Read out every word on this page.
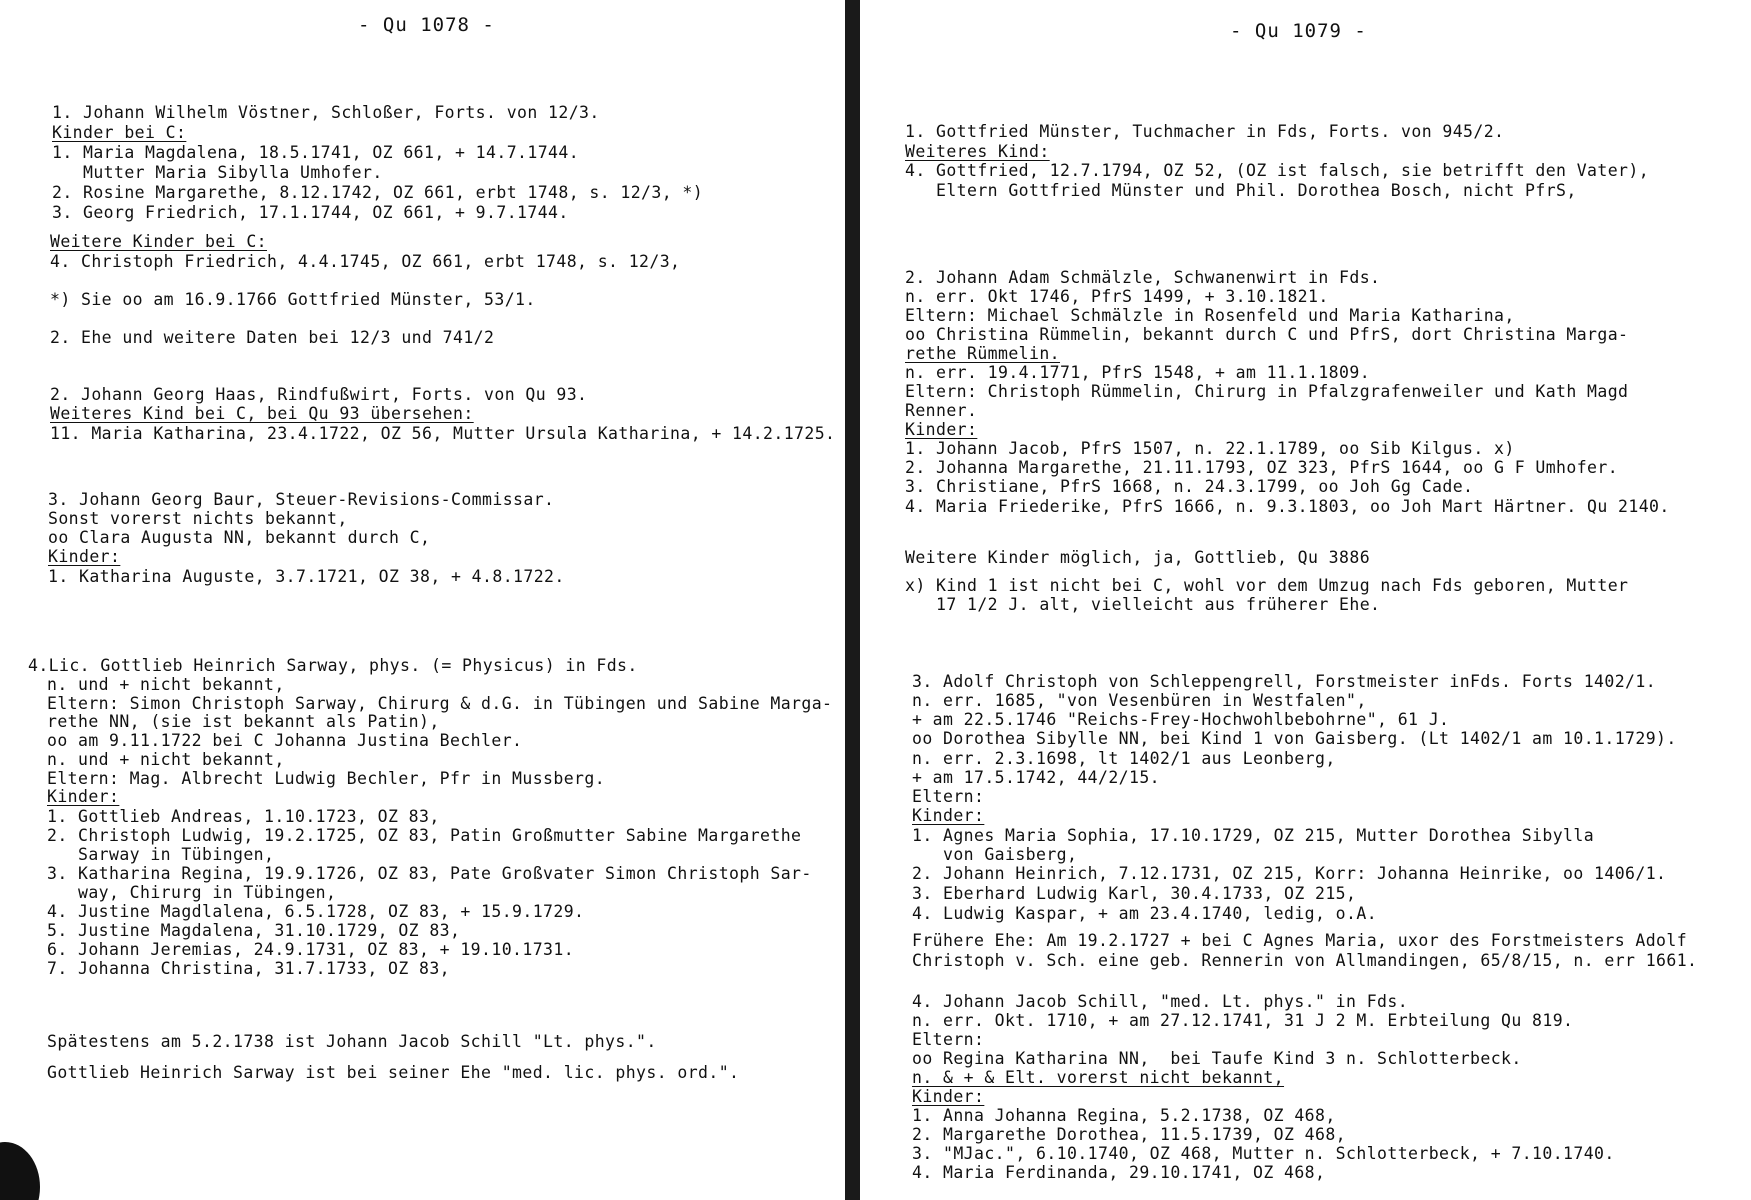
- Qu 1078 -
1. Johann Wilhelm Vöstner, Schloßer, Forts. von 12/3.
Kinder bei C:
1. Maria Magdalena, 18.5.1741, OZ 661, + 14.7.1744.
Mutter Maria Sibylla Umhofer.
2. Rosine Margarethe, 8.12.1742, OZ 661, erbt 1748, s. 12/3, *)
3. Georg Friedrich, 17.1.1744, OZ 661, + 9.7.1744.
Weitere Kinder bei C:
4. Christoph Friedrich, 4.4.1745, OZ 661, erbt 1748, s. 12/3,
*) Sie oo am 16.9.1766 Gottfried Münster, 53/1.
2. Ehe und weitere Daten bei 12/3 und 741/2
2. Johann Georg Haas, Rindfußwirt, Forts. von Qu 93.
Weiteres Kind bei C, bei Qu 93 übersehen:
11. Maria Katharina, 23.4.1722, OZ 56, Mutter Ursula Katharina, + 14.2.1725.
3. Johann Georg Baur, Steuer-Revisions-Commissar.
Sonst vorerst nichts bekannt,
oo Clara Augusta NN, bekannt durch C,
Kinder:
1. Katharina Auguste, 3.7.1721, OZ 38, + 4.8.1722.
4.Lic. Gottlieb Heinrich Sarway, phys. (= Physicus) in Fds.
n. und + nicht bekannt,
Eltern: Simon Christoph Sarway, Chirurg & d.G. in Tübingen und Sabine Marga-
rethe NN, (sie ist bekannt als Patin),
oo am 9.11.1722 bei C Johanna Justina Bechler.
n. und + nicht bekannt,
Eltern: Mag. Albrecht Ludwig Bechler, Pfr in Mussberg.
Kinder:
1. Gottlieb Andreas, 1.10.1723, OZ 83,
2. Christoph Ludwig, 19.2.1725, OZ 83, Patin Großmutter Sabine Margarethe
Sarway in Tübingen,
3. Katharina Regina, 19.9.1726, OZ 83, Pate Großvater Simon Christoph Sar-
way, Chirurg in Tübingen,
4. Justine Magdlalena, 6.5.1728, OZ 83, + 15.9.1729.
5. Justine Magdalena, 31.10.1729, OZ 83,
6. Johann Jeremias, 24.9.1731, OZ 83, + 19.10.1731.
7. Johanna Christina, 31.7.1733, OZ 83,
Spätestens am 5.2.1738 ist Johann Jacob Schill "Lt. phys.".
Gottlieb Heinrich Sarway ist bei seiner Ehe "med. lic. phys. ord.".
- Qu 1079 -
1. Gottfried Münster, Tuchmacher in Fds, Forts. von 945/2.
Weiteres Kind:
4. Gottfried, 12.7.1794, OZ 52, (OZ ist falsch, sie betrifft den Vater),
Eltern Gottfried Münster und Phil. Dorothea Bosch, nicht PfrS,
2. Johann Adam Schmälzle, Schwanenwirt in Fds.
n. err. Okt 1746, PfrS 1499, + 3.10.1821.
Eltern: Michael Schmälzle in Rosenfeld und Maria Katharina,
oo Christina Rümmelin, bekannt durch C und PfrS, dort Christina Marga-
rethe Rümmelin.
n. err. 19.4.1771, PfrS 1548, + am 11.1.1809.
Eltern: Christoph Rümmelin, Chirurg in Pfalzgrafenweiler und Kath Magd
Renner.
Kinder:
1. Johann Jacob, PfrS 1507, n. 22.1.1789, oo Sib Kilgus. x)
2. Johanna Margarethe, 21.11.1793, OZ 323, PfrS 1644, oo G F Umhofer.
3. Christiane, PfrS 1668, n. 24.3.1799, oo Joh Gg Cade.
4. Maria Friederike, PfrS 1666, n. 9.3.1803, oo Joh Mart Härtner. Qu 2140.
Weitere Kinder möglich, ja, Gottlieb, Qu 3886
x) Kind 1 ist nicht bei C, wohl vor dem Umzug nach Fds geboren, Mutter
17 1/2 J. alt, vielleicht aus früherer Ehe.
3. Adolf Christoph von Schleppengrell, Forstmeister inFds. Forts 1402/1.
n. err. 1685, "von Vesenbüren in Westfalen",
+ am 22.5.1746 "Reichs-Frey-Hochwohlbebohrne", 61 J.
oo Dorothea Sibylle NN, bei Kind 1 von Gaisberg. (Lt 1402/1 am 10.1.1729).
n. err. 2.3.1698, lt 1402/1 aus Leonberg,
+ am 17.5.1742, 44/2/15.
Eltern:
Kinder:
1. Agnes Maria Sophia, 17.10.1729, OZ 215, Mutter Dorothea Sibylla
von Gaisberg,
2. Johann Heinrich, 7.12.1731, OZ 215, Korr: Johanna Heinrike, oo 1406/1.
3. Eberhard Ludwig Karl, 30.4.1733, OZ 215,
4. Ludwig Kaspar, + am 23.4.1740, ledig, o.A.
Frühere Ehe: Am 19.2.1727 + bei C Agnes Maria, uxor des Forstmeisters Adolf
Christoph v. Sch. eine geb. Rennerin von Allmandingen, 65/8/15, n. err 1661.
4. Johann Jacob Schill, "med. Lt. phys." in Fds.
n. err. Okt. 1710, + am 27.12.1741, 31 J 2 M. Erbteilung Qu 819.
Eltern:
oo Regina Katharina NN,  bei Taufe Kind 3 n. Schlotterbeck.
n. & + & Elt. vorerst nicht bekannt,
Kinder:
1. Anna Johanna Regina, 5.2.1738, OZ 468,
2. Margarethe Dorothea, 11.5.1739, OZ 468,
3. "MJac.", 6.10.1740, OZ 468, Mutter n. Schlotterbeck, + 7.10.1740.
4. Maria Ferdinanda, 29.10.1741, OZ 468,
